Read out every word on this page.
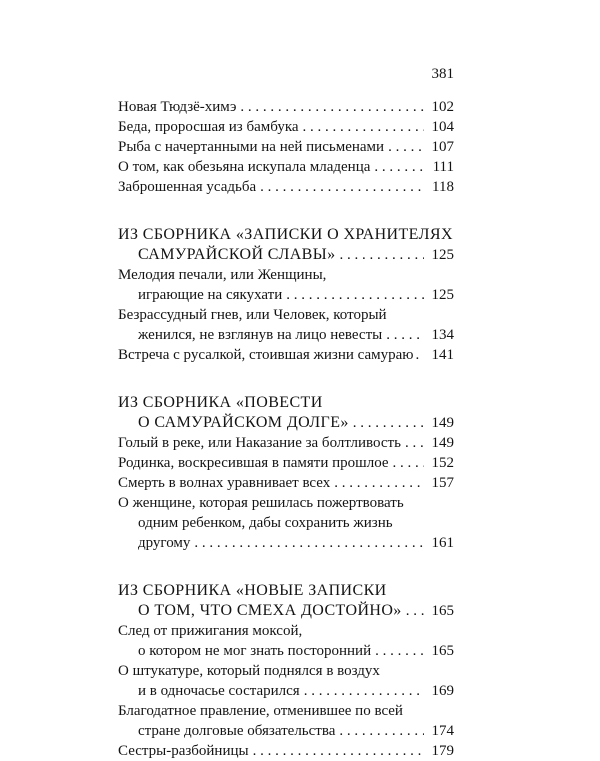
381
Новая Тюдзё-химэ . . .	102
Беда, проросшая из бамбука . . .	104
Рыба с начертанными на ней письменами . . .	107
О том, как обезьяна искупала младенца . . .	111
Заброшенная усадьба . . .	118
ИЗ СБОРНИКА «ЗАПИСКИ О ХРАНИТЕЛЯХ
САМУРАЙСКОЙ СЛАВЫ» . . .	125
Мелодия печали, или Женщины,
играющие на сякухати . . .	125
Безрассудный гнев, или Человек, который
женился, не взглянув на лицо невесты . . .	134
Встреча с русалкой, стоившая жизни самураю . . .	141
ИЗ СБОРНИКА «ПОВЕСТИ
О САМУРАЙСКОМ ДОЛГЕ» . . .	149
Голый в реке, или Наказание за болтливость . . .	149
Родинка, воскресившая в памяти прошлое . . .	152
Смерть в волнах уравнивает всех . . .	157
О женщине, которая решилась пожертвовать
одним ребенком, дабы сохранить жизнь
другому . . .	161
ИЗ СБОРНИКА «НОВЫЕ ЗАПИСКИ
О ТОМ, ЧТО СМЕХА ДОСТОЙНО» . . .	165
След от прижигания моксой,
о котором не мог знать посторонний . . .	165
О штукатуре, который поднялся в воздух
и в одночасье состарился . . .	169
Благодатное правление, отменившее по всей
стране долговые обязательства . . .	174
Сестры-разбойницы . . .	179
